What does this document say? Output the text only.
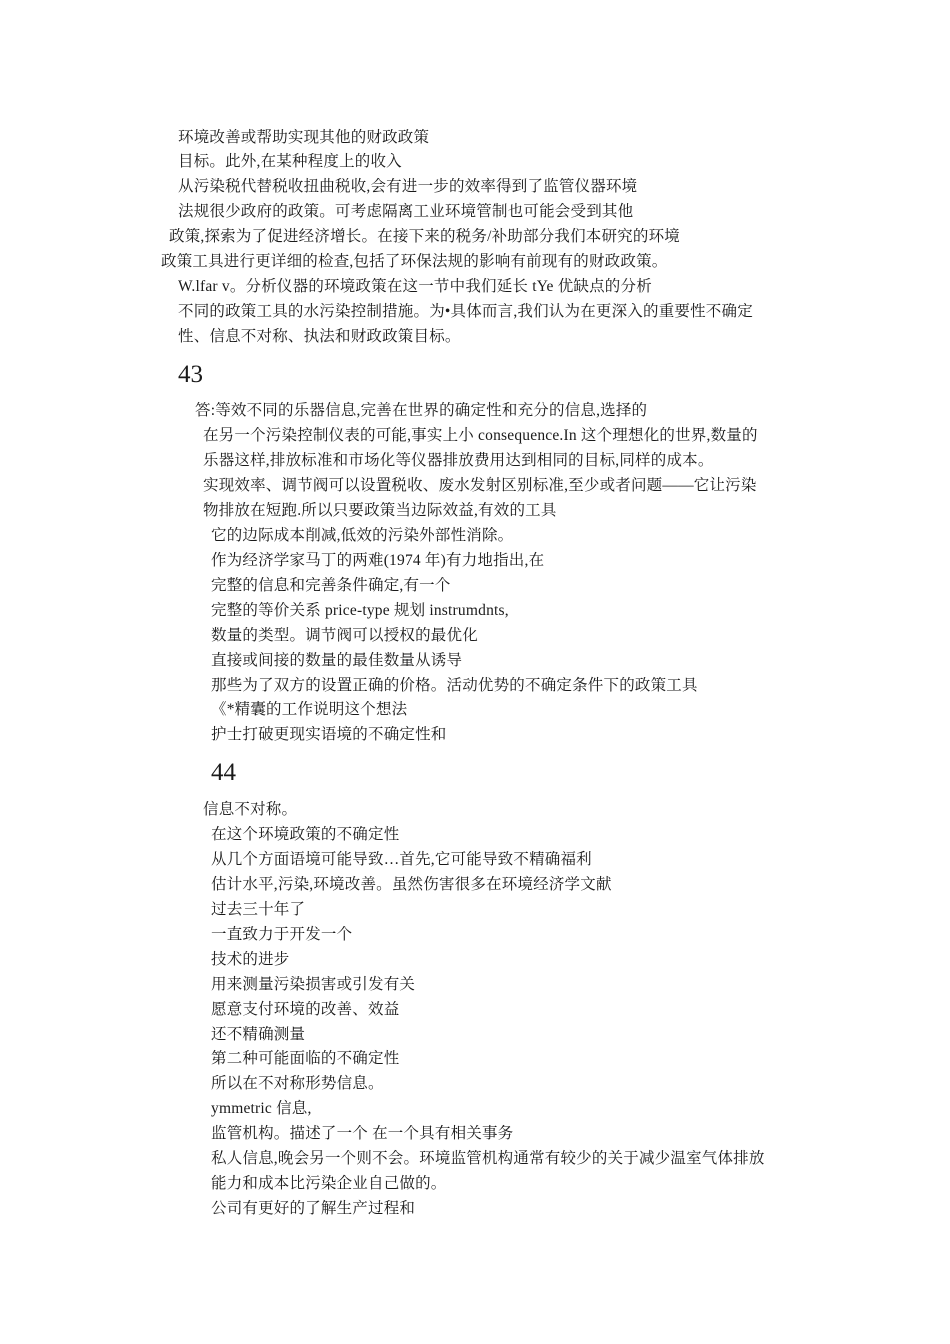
环境改善或帮助实现其他的财政政策
目标。此外,在某种程度上的收入
从污染税代替税收扭曲税收,会有进一步的效率得到了监管仪器环境
法规很少政府的政策。可考虑隔离工业环境管制也可能会受到其他
政策,探索为了促进经济增长。在接下来的税务/补助部分我们本研究的环境
政策工具进行更详细的检查,包括了环保法规的影响有前现有的财政政策。
W.lfar v。分析仪器的环境政策在这一节中我们延长 tYe 优缺点的分析
不同的政策工具的水污染控制措施。为•具体而言,我们认为在更深入的重要性不确定
性、信息不对称、执法和财政政策目标。
43
答:等效不同的乐器信息,完善在世界的确定性和充分的信息,选择的
在另一个污染控制仪表的可能,事实上小 consequence.In 这个理想化的世界,数量的
乐器这样,排放标准和市场化等仪器排放费用达到相同的目标,同样的成本。
实现效率、调节阀可以设置税收、废水发射区别标准,至少或者问题——它让污染
物排放在短跑.所以只要政策当边际效益,有效的工具
它的边际成本削减,低效的污染外部性消除。
作为经济学家马丁的两难(1974 年)有力地指出,在
完整的信息和完善条件确定,有一个
完整的等价关系 price-type 规划 instrumdnts,
数量的类型。调节阀可以授权的最优化
直接或间接的数量的最佳数量从诱导
那些为了双方的设置正确的价格。活动优势的不确定条件下的政策工具
《*精囊的工作说明这个想法
护士打破更现实语境的不确定性和
44
信息不对称。
在这个环境政策的不确定性
从几个方面语境可能导致…首先,它可能导致不精确福利
估计水平,污染,环境改善。虽然伤害很多在环境经济学文献
过去三十年了
一直致力于开发一个
技术的进步
用来测量污染损害或引发有关
愿意支付环境的改善、效益
还不精确测量
第二种可能面临的不确定性
所以在不对称形势信息。
ymmetric 信息,
监管机构。描述了一个 在一个具有相关事务
私人信息,晚会另一个则不会。环境监管机构通常有较少的关于减少温室气体排放
能力和成本比污染企业自己做的。
公司有更好的了解生产过程和
